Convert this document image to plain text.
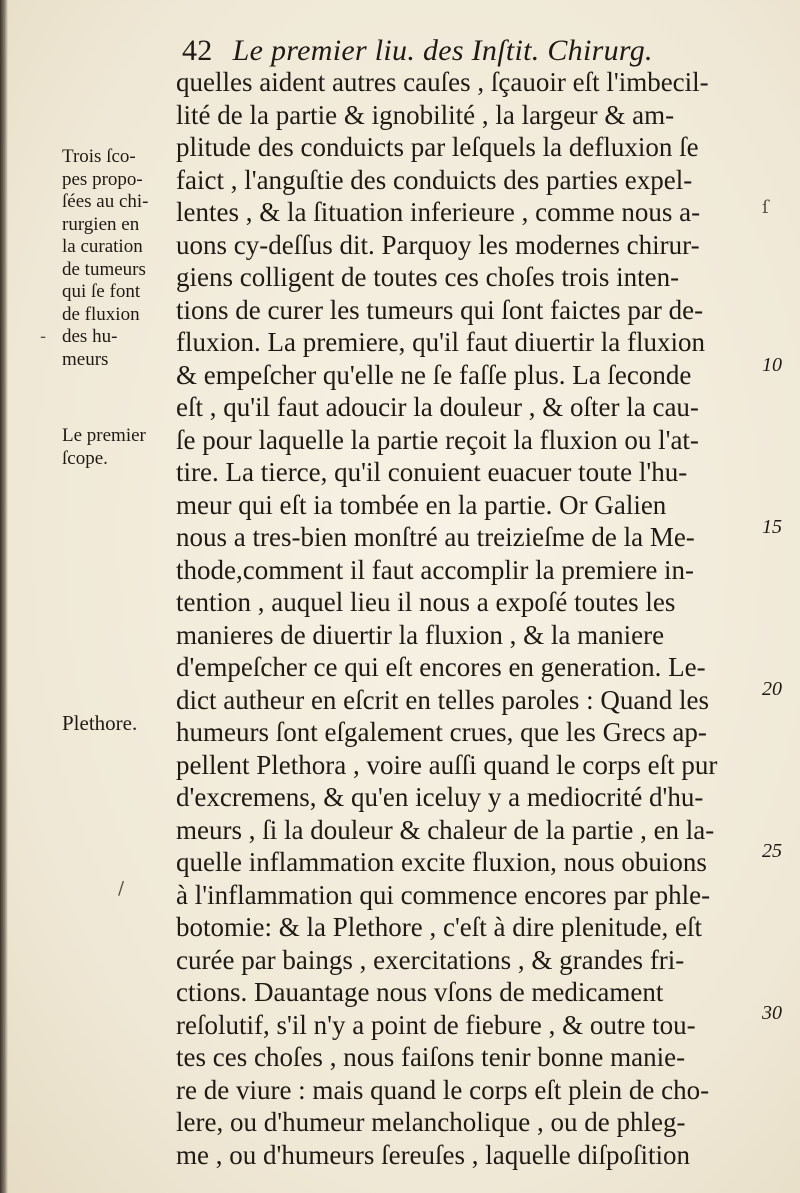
42 Le premier liu. des Inſtit. Chirurg.
quelles aident autres cauſes , ſçauoir eſt l'imbecil-
lité de la partie & ignobilité , la largeur & am-
plitude des conduicts par leſquels la defluxion ſe
faict , l'anguſtie des conduicts des parties expel-
lentes , & la ſituation inferieure , comme nous a-
uons cy-deſſus dit. Parquoy les modernes chirur-
giens colligent de toutes ces choſes trois inten-
tions de curer les tumeurs qui ſont faictes par de-
fluxion. La premiere, qu'il faut diuertir la fluxion
& empeſcher qu'elle ne ſe faſſe plus. La ſeconde
eſt , qu'il faut adoucir la douleur , & oſter la cau-
ſe pour laquelle la partie reçoit la fluxion ou l'at-
tire. La tierce, qu'il conuient euacuer toute l'hu-
meur qui eſt ia tombée en la partie. Or Galien
nous a tres-bien monſtré au treizieſme de la Me-
thode,comment il faut accomplir la premiere in-
tention , auquel lieu il nous a expoſé toutes les
manieres de diuertir la fluxion , & la maniere
d'empeſcher ce qui eſt encores en generation. Le-
dict autheur en eſcrit en telles paroles : Quand les
humeurs ſont eſgalement crues, que les Grecs ap-
pellent Plethora , voire auſſi quand le corps eſt pur
d'excremens, & qu'en iceluy y a mediocrité d'hu-
meurs , ſi la douleur & chaleur de la partie , en la-
quelle inflammation excite fluxion, nous obuions
à l'inflammation qui commence encores par phle-
botomie: & la Plethore , c'eſt à dire plenitude, eſt
curée par baings , exercitations , & grandes fri-
ctions. Dauantage nous vſons de medicament
reſolutif, s'il n'y a point de fiebure , & outre tou-
tes ces choſes , nous faiſons tenir bonne manie-
re de viure : mais quand le corps eſt plein de cho-
lere, ou d'humeur melancholique , ou de phleg-
me , ou d'humeurs ſereuſes , laquelle diſpoſition
Trois ſco-
pes propo-
ſées au chi-
rurgien en
la curation
de tumeurs
qui ſe font
de fluxion
des hu-
meurs
Le premier
ſcope.
Plethore.
10
15
20
25
30
-
ſ
/
